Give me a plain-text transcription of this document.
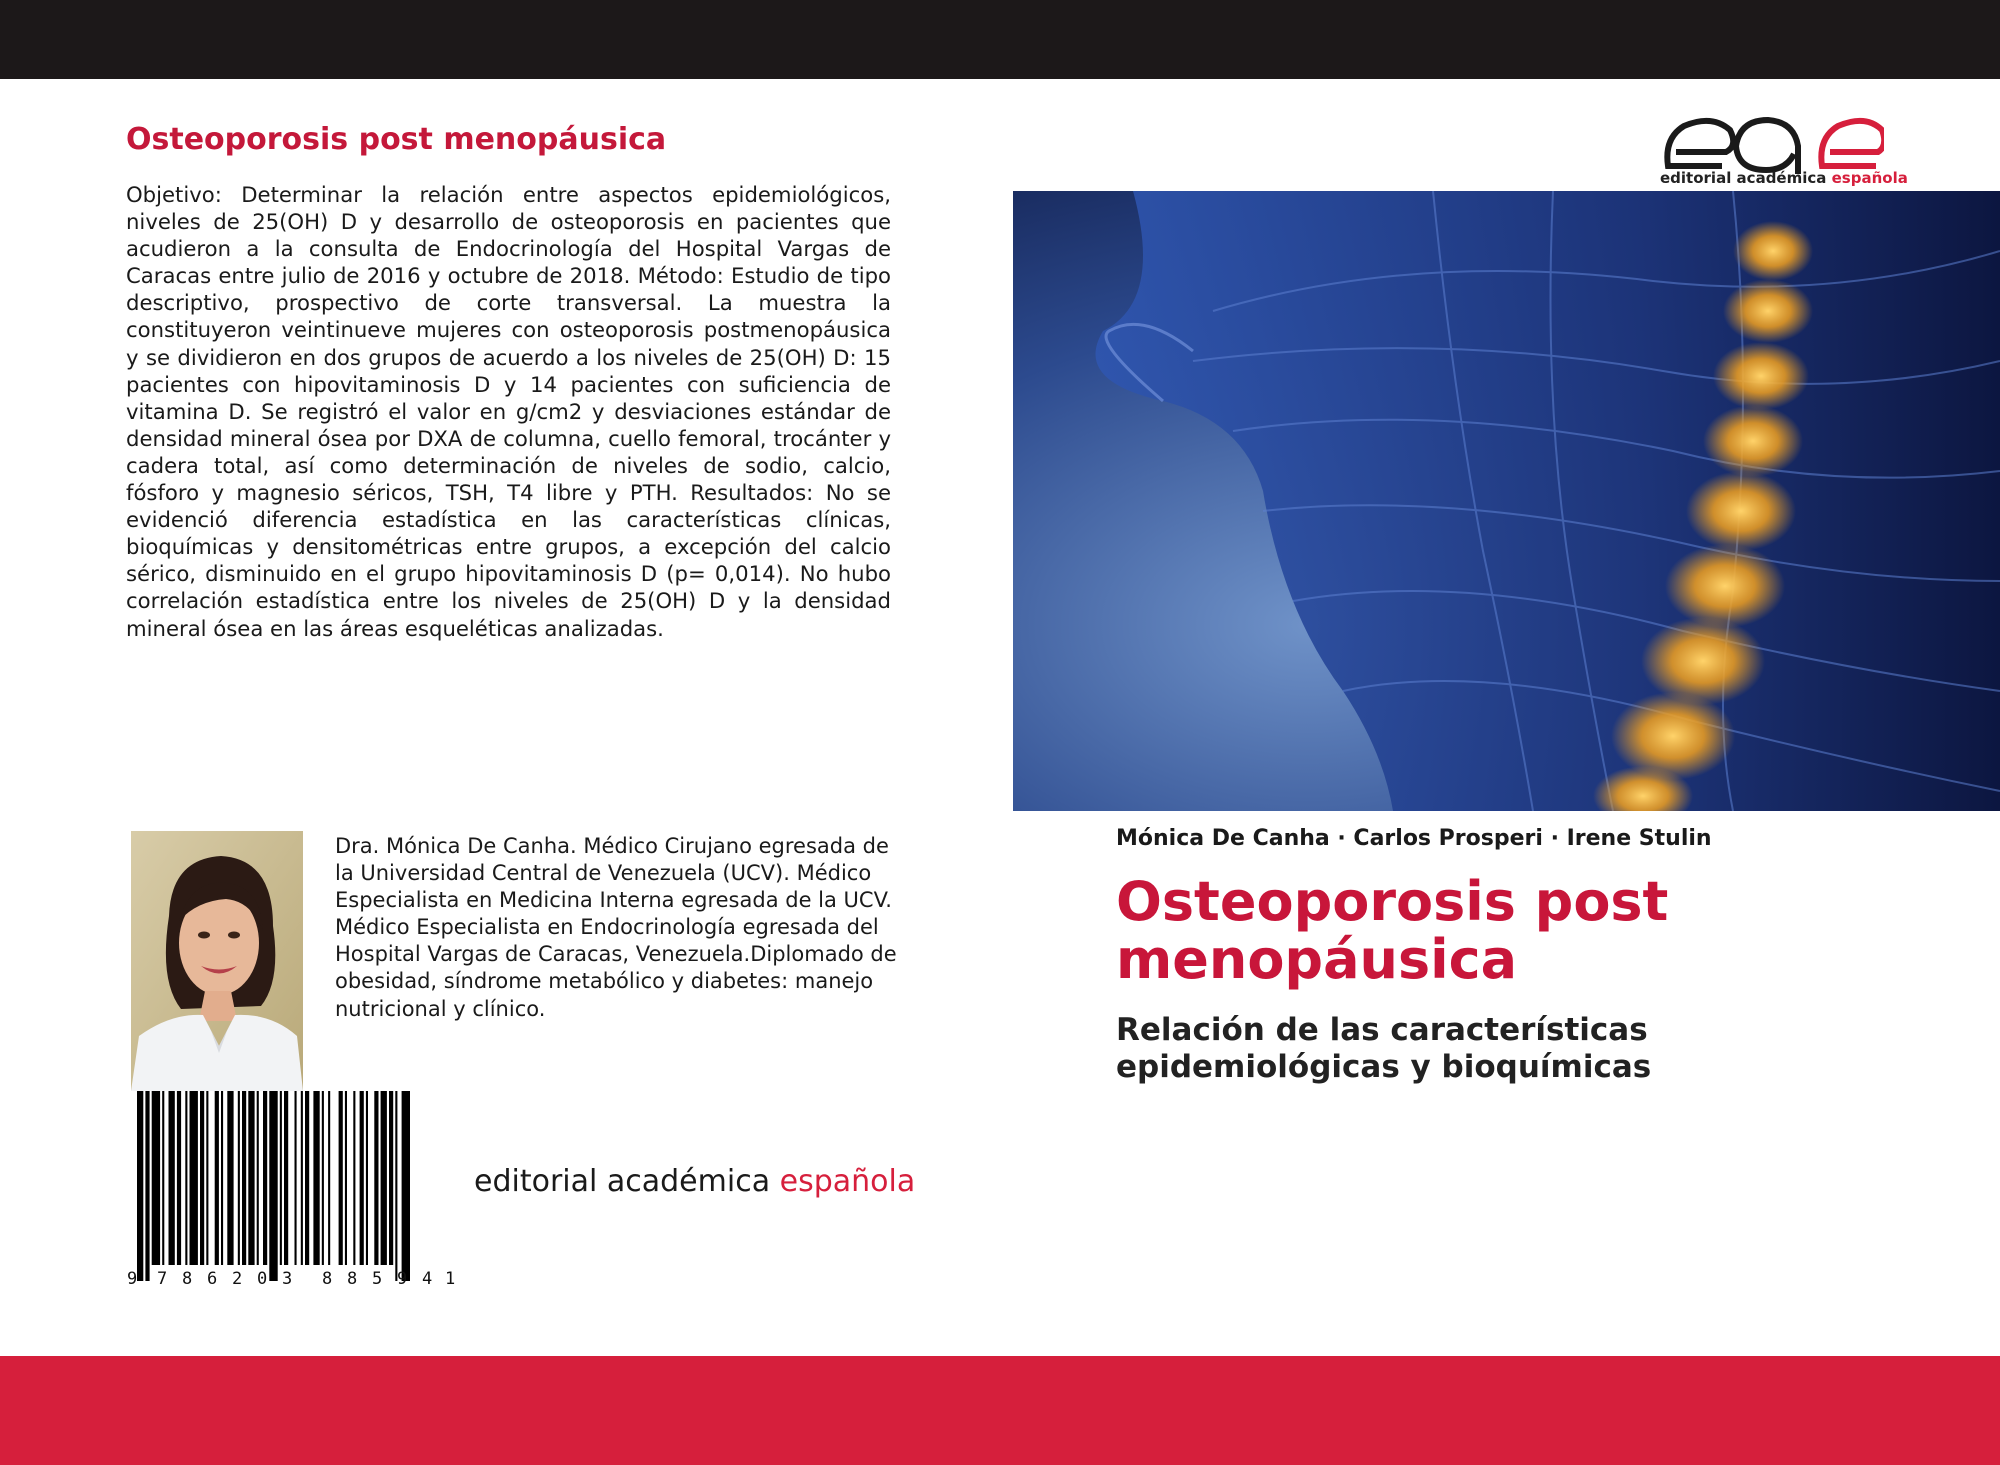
Osteoporosis post menopáusica

Objetivo: Determinar la relación entre aspectos epidemiológicos, niveles de 25(OH) D y desarrollo de osteoporosis en pacientes que acudieron a la consulta de Endocrinología del Hospital Vargas de Caracas entre julio de 2016 y octubre de 2018. Método: Estudio de tipo descriptivo, prospectivo de corte transversal. La muestra la constituyeron veintinueve mujeres con osteoporosis postmenopáusica y se dividieron en dos grupos de acuerdo a los niveles de 25(OH) D: 15 pacientes con hipovitaminosis D y 14 pacientes con suficiencia de vitamina D. Se registró el valor en g/cm2 y desviaciones estándar de densidad mineral ósea por DXA de columna, cuello femoral, trocánter y cadera total, así como determinación de niveles de sodio, calcio, fósforo y magnesio séricos, TSH, T4 libre y PTH. Resultados: No se evidenció diferencia estadística en las características clínicas, bioquímicas y densitométricas entre grupos, a excepción del calcio sérico, disminuido en el grupo hipovitaminosis D (p= 0,014). No hubo correlación estadística entre los niveles de 25(OH) D y la densidad mineral ósea en las áreas esqueléticas analizadas.

Dra. Mónica De Canha. Médico Cirujano egresada de la Universidad Central de Venezuela (UCV). Médico Especialista en Medicina Interna egresada de la UCV. Médico Especialista en Endocrinología egresada del Hospital Vargas de Caracas, Venezuela.Diplomado de obesidad, síndrome metabólico y diabetes: manejo nutricional y clínico.

9 7 8 6 2 0 3 8 8 5 9 4 1
editorial académica española
editorial académica española
Mónica De Canha · Carlos Prosperi · Irene Stulin
Osteoporosis post menopáusica
Relación de las características epidemiológicas y bioquímicas
